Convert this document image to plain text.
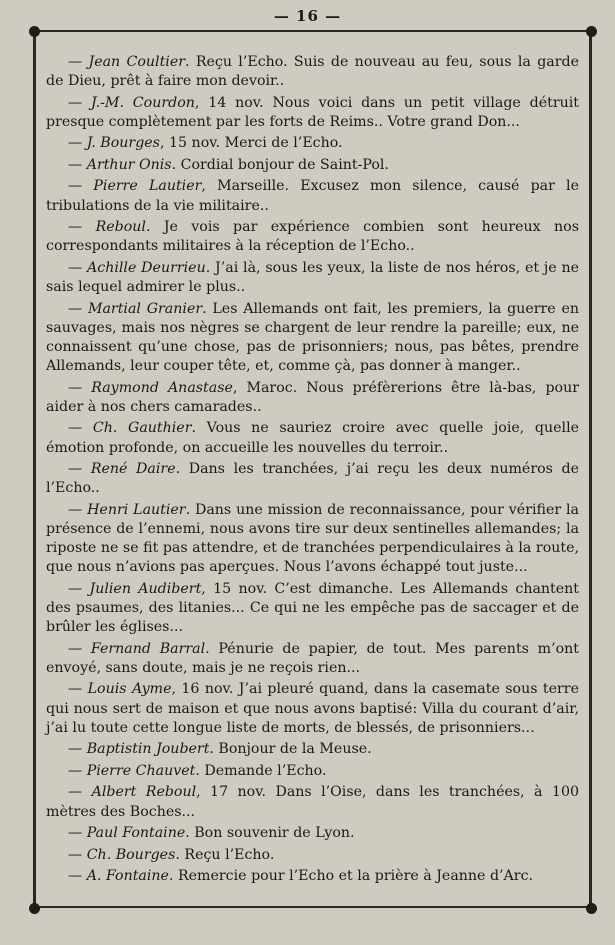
— 16 —

— Jean Coultier. Reçu l’Echo. Suis de nouveau au feu, sous la garde de Dieu, prêt à faire mon devoir..

— J.-M. Courdon, 14 nov. Nous voici dans un petit village détruit presque complètement par les forts de Reims.. Votre grand Don...

— J. Bourges, 15 nov. Merci de l’Echo.

— Arthur Onis. Cordial bonjour de Saint-Pol.

— Pierre Lautier, Marseille. Excusez mon silence, causé par le tribulations de la vie militaire..

— Reboul. Je vois par expérience combien sont heureux nos correspondants militaires à la réception de l’Echo..

— Achille Deurrieu. J’ai là, sous les yeux, la liste de nos héros, et je ne sais lequel admirer le plus..

— Martial Granier. Les Allemands ont fait, les premiers, la guerre en sauvages, mais nos nègres se chargent de leur rendre la pareille; eux, ne connaissent qu’une chose, pas de prisonniers; nous, pas bêtes, prendre Allemands, leur couper tête, et, comme çà, pas donner à manger..

— Raymond Anastase, Maroc. Nous préfèrerions être là-bas, pour aider à nos chers camarades..

— Ch. Gauthier. Vous ne sauriez croire avec quelle joie, quelle émotion profonde, on accueille les nouvelles du terroir..

— René Daire. Dans les tranchées, j’ai reçu les deux numéros de l’Echo..

— Henri Lautier. Dans une mission de reconnaissance, pour vérifier la présence de l’ennemi, nous avons tire sur deux sentinelles allemandes; la riposte ne se fit pas attendre, et de tranchées perpendiculaires à la route, que nous n’avions pas aperçues. Nous l’avons échappé tout juste...

— Julien Audibert, 15 nov. C’est dimanche. Les Allemands chantent des psaumes, des litanies... Ce qui ne les empêche pas de saccager et de brûler les églises...

— Fernand Barral. Pénurie de papier, de tout. Mes parents m’ont envoyé, sans doute, mais je ne reçois rien...

— Louis Ayme, 16 nov. J’ai pleuré quand, dans la casemate sous terre qui nous sert de maison et que nous avons baptisé: Villa du courant d’air, j’ai lu toute cette longue liste de morts, de blessés, de prisonniers...

— Baptistin Joubert. Bonjour de la Meuse.

— Pierre Chauvet. Demande l’Echo.

— Albert Reboul, 17 nov. Dans l’Oise, dans les tranchées, à 100 mètres des Boches...

— Paul Fontaine. Bon souvenir de Lyon.

— Ch. Bourges. Reçu l’Echo.

— A. Fontaine. Remercie pour l’Echo et la prière à Jeanne d’Arc.
